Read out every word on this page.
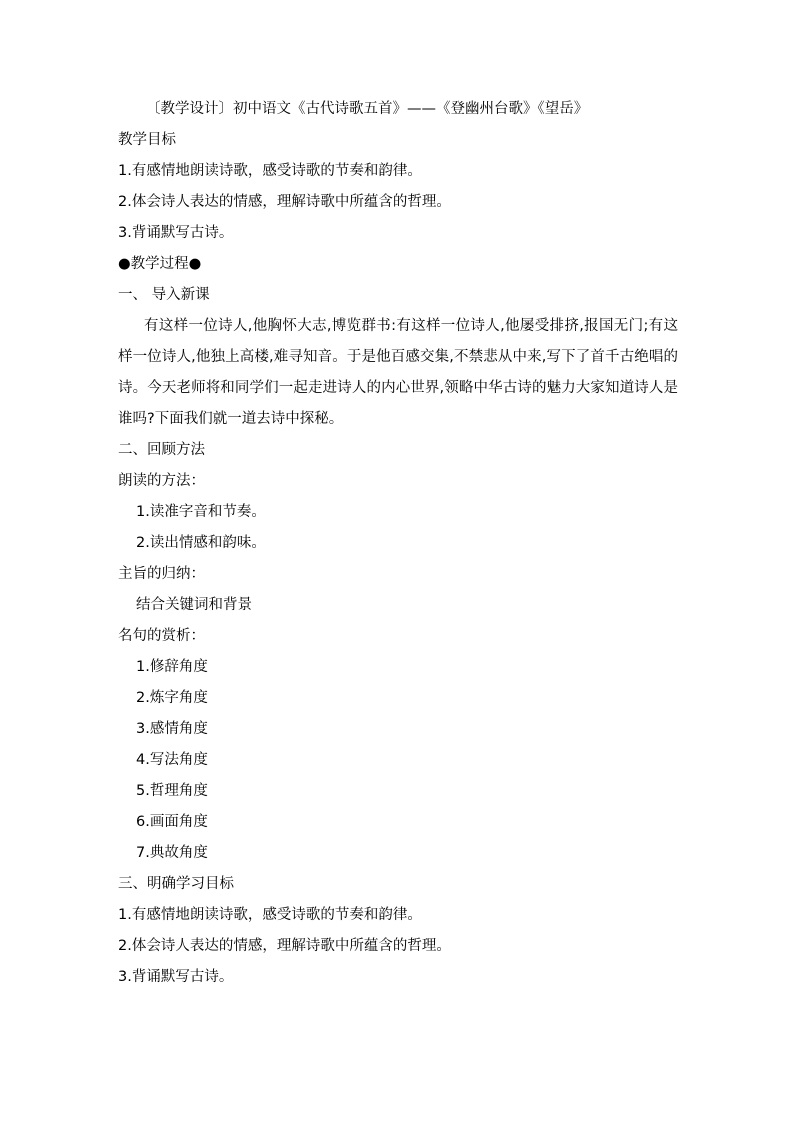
〔教学设计〕初中语文《古代诗歌五首》——《登幽州台歌》《望岳》
教学目标
1.有感情地朗读诗歌，感受诗歌的节奏和韵律。
2.体会诗人表达的情感，理解诗歌中所蕴含的哲理。
3.背诵默写古诗。
●教学过程●
一、 导入新课
有这样一位诗人,他胸怀大志,博览群书:有这样一位诗人,他屡受排挤,报国无门;有这样一位诗人,他独上高楼,难寻知音。于是他百感交集,不禁悲从中来,写下了首千古绝唱的诗。今天老师将和同学们一起走进诗人的内心世界,领略中华古诗的魅力大家知道诗人是谁吗?下面我们就一道去诗中探秘。
二、回顾方法
朗读的方法：
1.读准字音和节奏。
2.读出情感和韵味。
主旨的归纳：
结合关键词和背景
名句的赏析：
1.修辞角度
2.炼字角度
3.感情角度
4.写法角度
5.哲理角度
6.画面角度
7.典故角度
三、明确学习目标
1.有感情地朗读诗歌，感受诗歌的节奏和韵律。
2.体会诗人表达的情感，理解诗歌中所蕴含的哲理。
3.背诵默写古诗。
